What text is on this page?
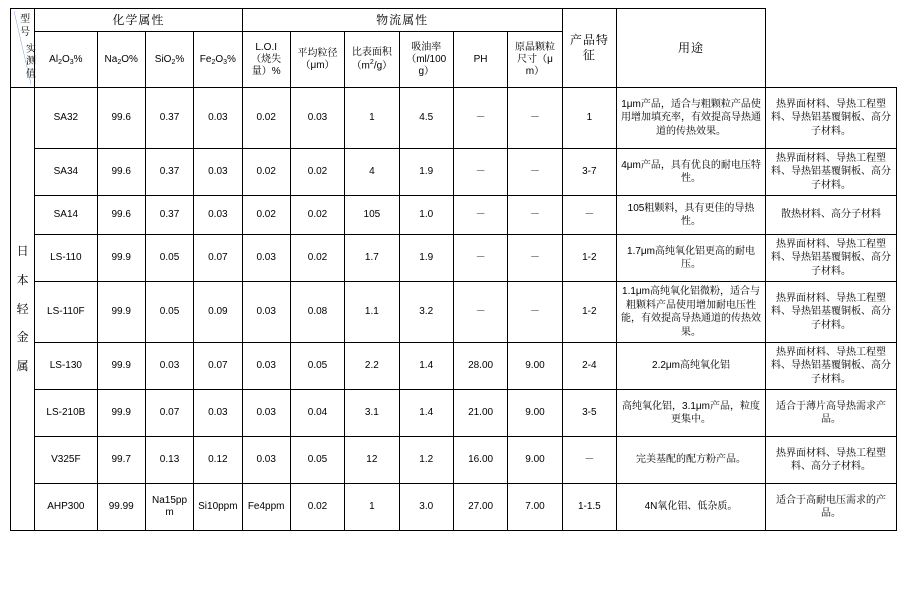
型号
实测值	化学属性				物流属性						产品特征	用途	
	$Al_2O_3\%$	$Na_2O\%$	SiO$_2$%	$Fe_2O_3\%$	L.O.I（烧失量）%	平均粒径（μm）	比表面积$(m^2/g)$	吸油率（ml/100g）	PH	原晶颗粒尺寸（μm）			

日
本
轻
金
属	SA32	99.6	0.37	0.03	0.02	0.03	1	4.5	－	－	1	1μm产品，适合与粗颗粒产品使用增加填充率，有效提高导热通道的传热效果。	热界面材料、导热工程塑料、导热铝基覆铜板、高分子材料。
	SA34	99.6	0.37	0.03	0.02	0.02	4	1.9	－	－	3-7	4μm产品，具有优良的耐电压特性。	热界面材料、导热工程塑料、导热铝基覆铜板、高分子材料。
	SA14	99.6	0.37	0.03	0.02	0.02	105	1.0	－	－	－	105粗颗料，具有更佳的导热性。	散热材料、高分子材料
	LS-110	99.9	0.05	0.07	0.03	0.02	1.7	1.9	－	－	1-2	1.7μm高纯氧化铝更高的耐电压。	热界面材料、导热工程塑料、导热铝基覆铜板、高分子材料。
	LS-110F	99.9	0.05	0.09	0.03	0.08	1.1	3.2	－	－	1-2	1.1μm高纯氧化铝微粉，适合与粗颗料产品使用增加耐电压性能，有效提高导热通道的传热效果。	热界面材料、导热工程塑料、导热铝基覆铜板、高分子材料。
	LS-130	99.9	0.03	0.07	0.03	0.05	2.2	1.4	28.00	9.00	2-4	2.2μm高纯氧化铝	热界面材料、导热工程塑料、导热铝基覆铜板、高分子材料。
	LS-210B	99.9	0.07	0.03	0.03	0.04	3.1	1.4	21.00	9.00	3-5	高纯氧化铝，3.1μm产品，粒度更集中。	适合于薄片高导热需求产品。
	V325F	99.7	0.13	0.12	0.03	0.05	12	1.2	16.00	9.00	－	完美基配的配方粉产品。	热界面材料、导热工程塑料、高分子材料。
	AHP300	99.99	Na15ppm	Si10ppm	Fe4ppm	0.02	1	3.0	27.00	7.00	1-1.5	4N氧化铝、低杂质。	适合于高耐电压需求的产品。
